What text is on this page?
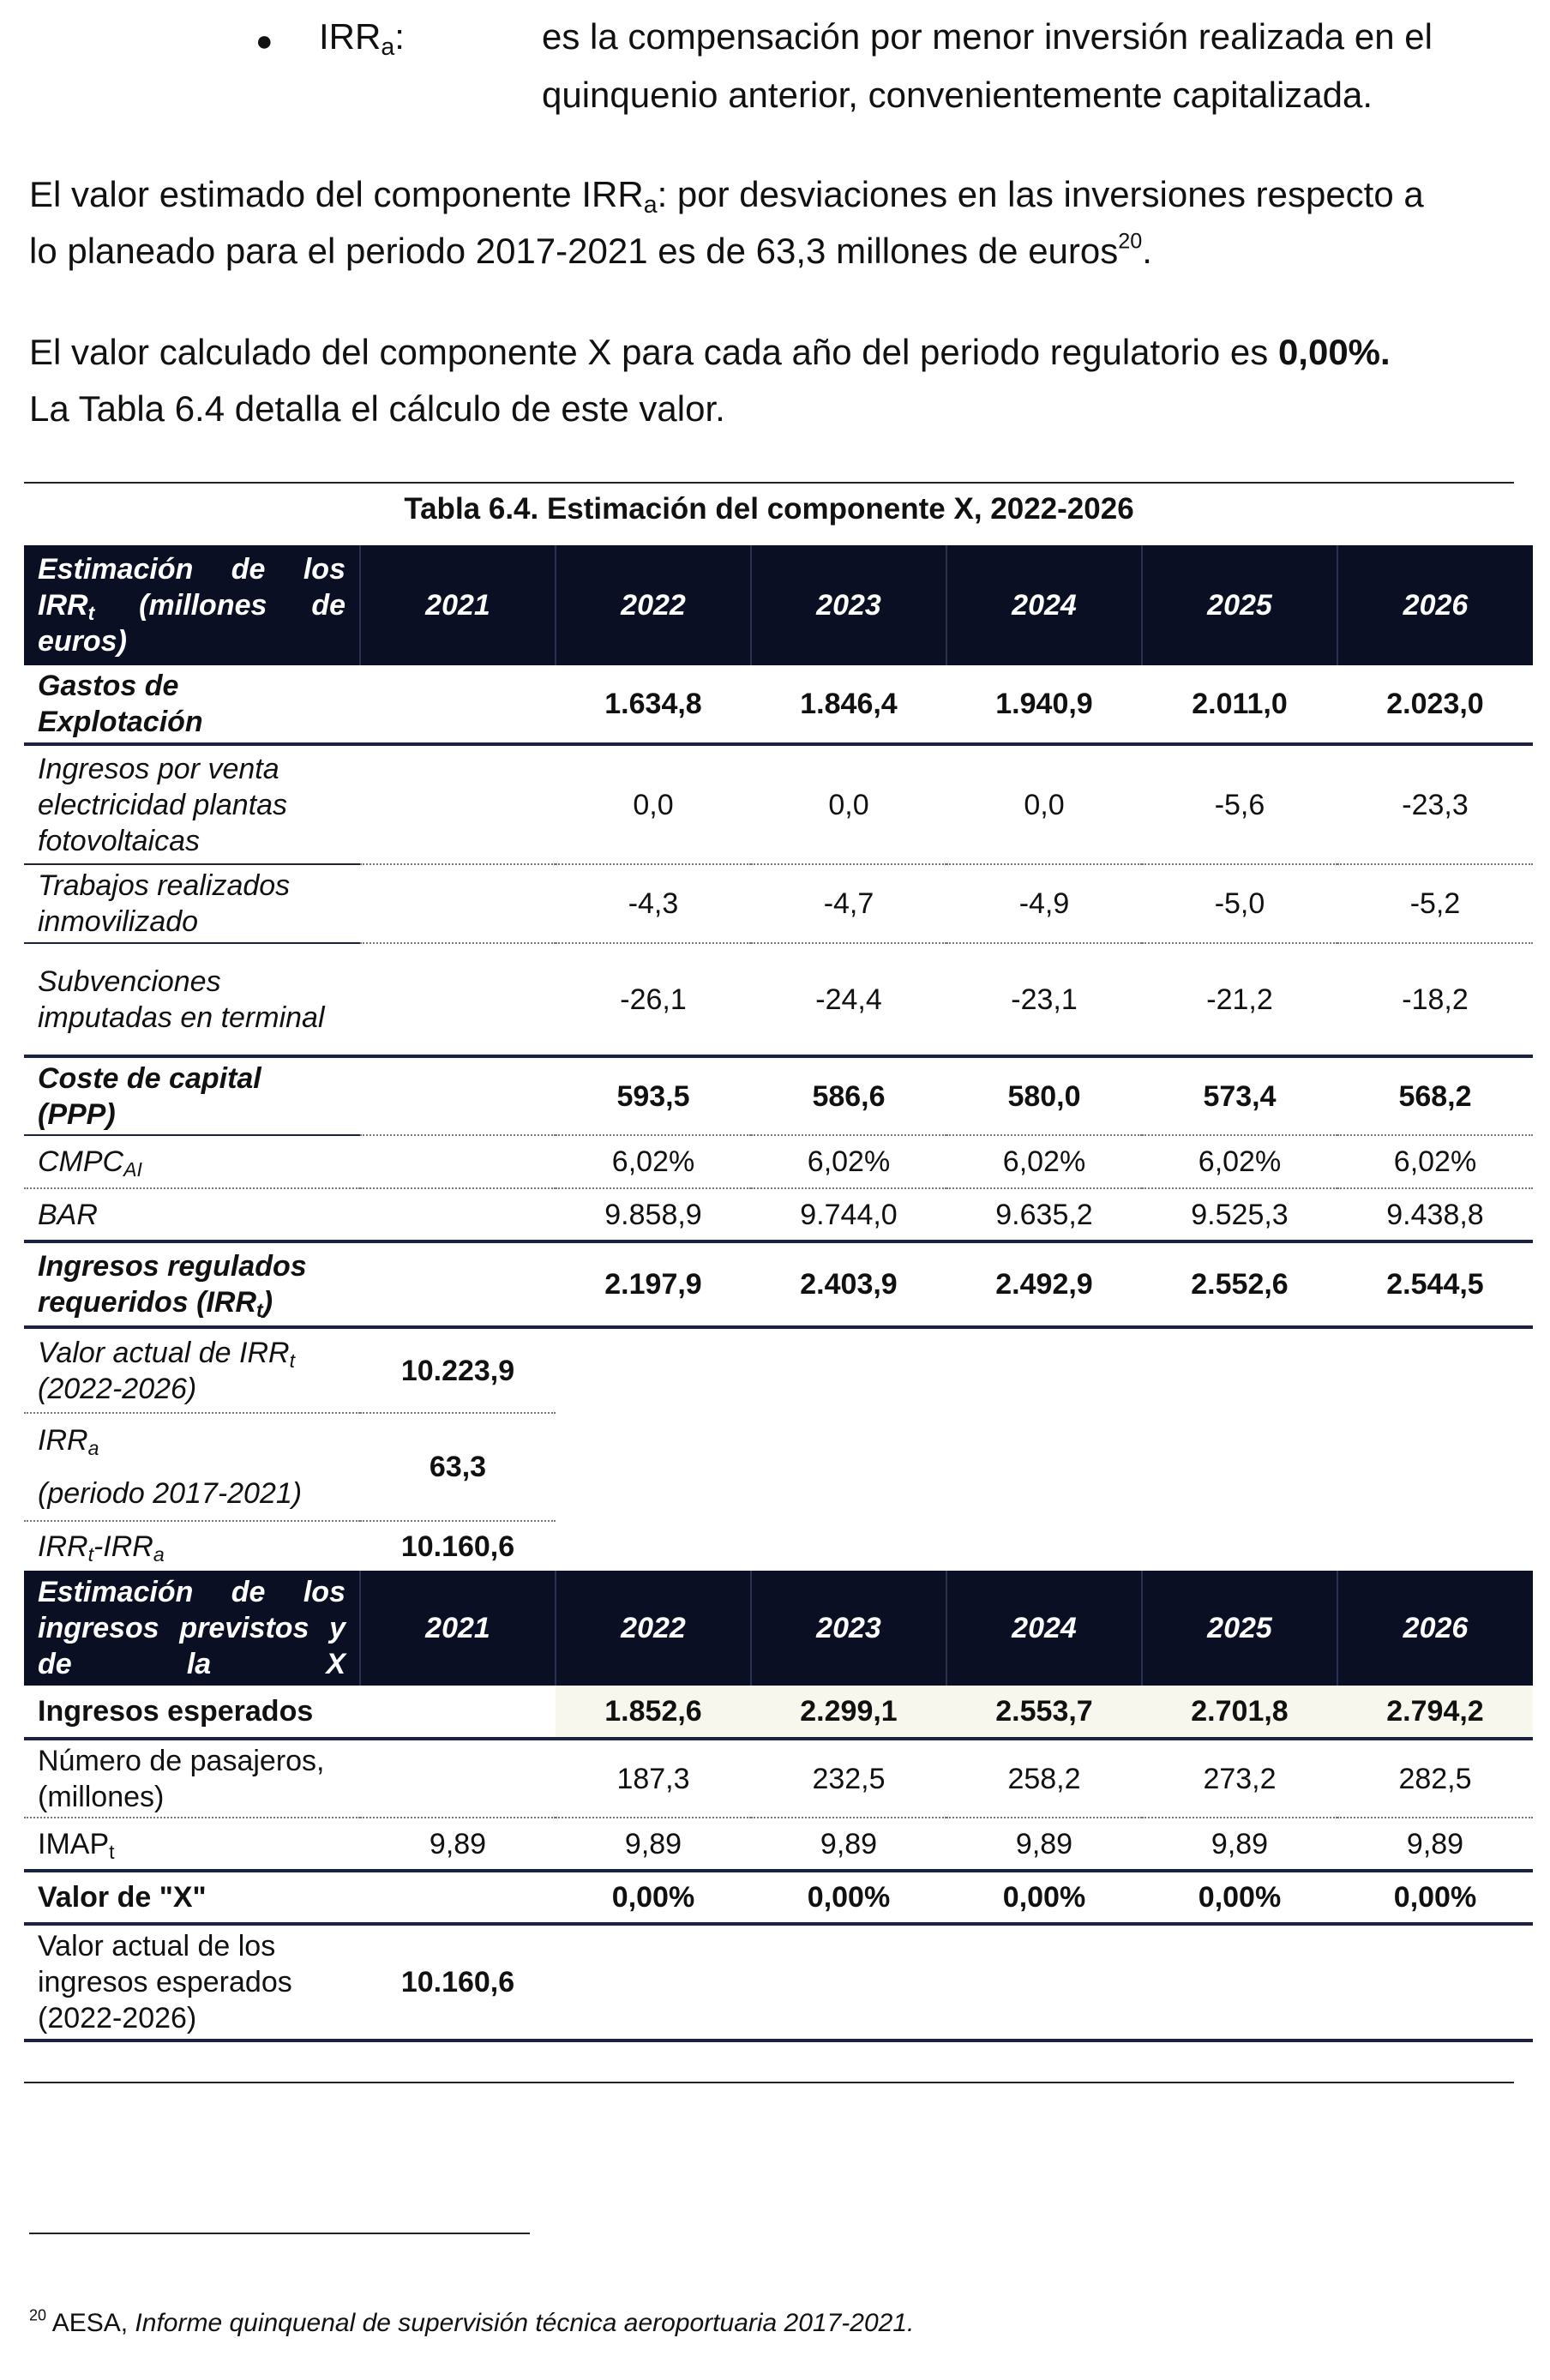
● $IRR_a$:	es la compensación por menor inversión realizada en el
quinquenio anterior, convenientemente capitalizada.
El valor estimado del componente $IRR_a$: por desviaciones en las inversiones respecto a
lo planeado para el periodo 2017-2021 es de 63,3 millones de euros$^{20}$.
El valor calculado del componente X para cada año del periodo regulatorio es 0,00%.
La Tabla 6.4 detalla el cálculo de este valor.
Tabla 6.4. Estimación del componente X, 2022-2026
Estimación de los $IRR_t$ (millones de euros)	2021	2022	2023	2024	2025	2026
Gastos de Explotación		1.634,8	1.846,4	1.940,9	2.011,0	2.023,0
Ingresos por venta electricidad plantas fotovoltaicas		0,0	0,0	0,0	-5,6	-23,3
Trabajos realizados inmovilizado		-4,3	-4,7	-4,9	-5,0	-5,2
Subvenciones imputadas en terminal		-26,1	-24,4	-23,1	-21,2	-18,2
Coste de capital (PPP)		593,5	586,6	580,0	573,4	568,2
$CMPC_{AI}$		6,02%	6,02%	6,02%	6,02%	6,02%
BAR		9.858,9	9.744,0	9.635,2	9.525,3	9.438,8
Ingresos regulados requeridos $(IRR_t)$		2.197,9	2.403,9	2.492,9	2.552,6	2.544,5
Valor actual de $IRR_t$ (2022-2026)	10.223,9					
$IRR_a$
(periodo 2017-2021)	63,3					
$IRR_t-IRR_a$	10.160,6					
Estimación de los ingresos previstos y de la X	2021	2022	2023	2024	2025	2026
Ingresos esperados		1.852,6	2.299,1	2.553,7	2.701,8	2.794,2
Número de pasajeros, (millones)		187,3	232,5	258,2	273,2	282,5
$IMAP_t$	9,89	9,89	9,89	9,89	9,89	9,89
Valor de "X"		0,00%	0,00%	0,00%	0,00%	0,00%
Valor actual de los ingresos esperados (2022-2026)	10.160,6					
$^{20}$ AESA, Informe quinquenal de supervisión técnica aeroportuaria 2017-2021.
